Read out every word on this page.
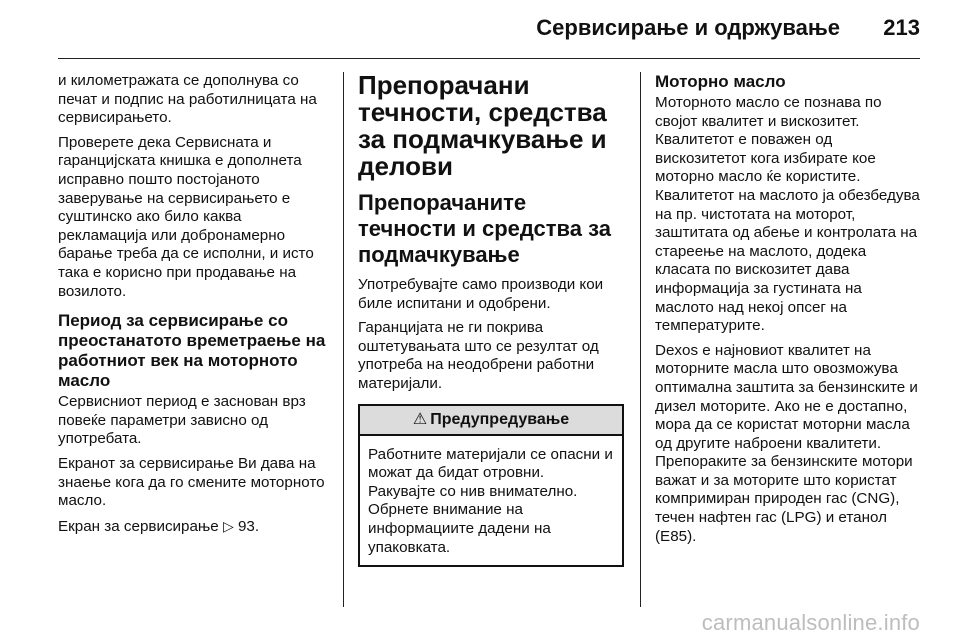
Сервисирање и одржување 213

и километражата се дополнува со печат и подпис на работилницата на сервисирањето.

Проверете дека Сервисната и гаранцијската книшка е дополнета исправно пошто постојаното заверување на сервисирањето е суштинско ако било каква рекламација или добронамерно барање треба да се исполни, и исто така е корисно при продавање на возилото.

Период за сервисирање со преостанатото времетраење на работниот век на моторното масло

Сервисниот период е заснован врз повеќе параметри зависно од употребата.

Екранот за сервисирање Ви дава на знаење кога да го смените моторното масло.

Екран за сервисирање ▷ 93.

Препорачани течности, средства за подмачкување и делови
Препорачаните течности и средства за подмачкување

Употребувајте само производи кои биле испитани и одобрени.

Гаранцијата не ги покрива оштетувањата што се резултат од употреба на неодобрени работни материјали.

⚠ Предупредување

Работните материјали се опасни и можат да бидат отровни. Ракувајте со нив внимателно. Обрнете внимание на информациите дадени на упаковката.

Моторно масло

Моторното масло се познава по својот квалитет и вискозитет. Квалитетот е поважен од вискозитетот кога избирате кое моторно масло ќе користите. Квалитетот на маслото ја обезбедува на пр. чистотата на моторот, заштитата од абење и контролата на стареење на маслото, додека класата по вискозитет дава информација за густината на маслото над некој опсег на температурите.

Dexos е најновиот квалитет на моторните масла што овозможува оптимална заштита за бензинските и дизел моторите. Ако не е достапно, мора да се користат моторни масла од другите наброени квалитети. Препораките за бензинските мотори важат и за моторите што користат компримиран природен гас (CNG), течен нафтен гас (LPG) и етанол (E85).

carmanualsonline.info
